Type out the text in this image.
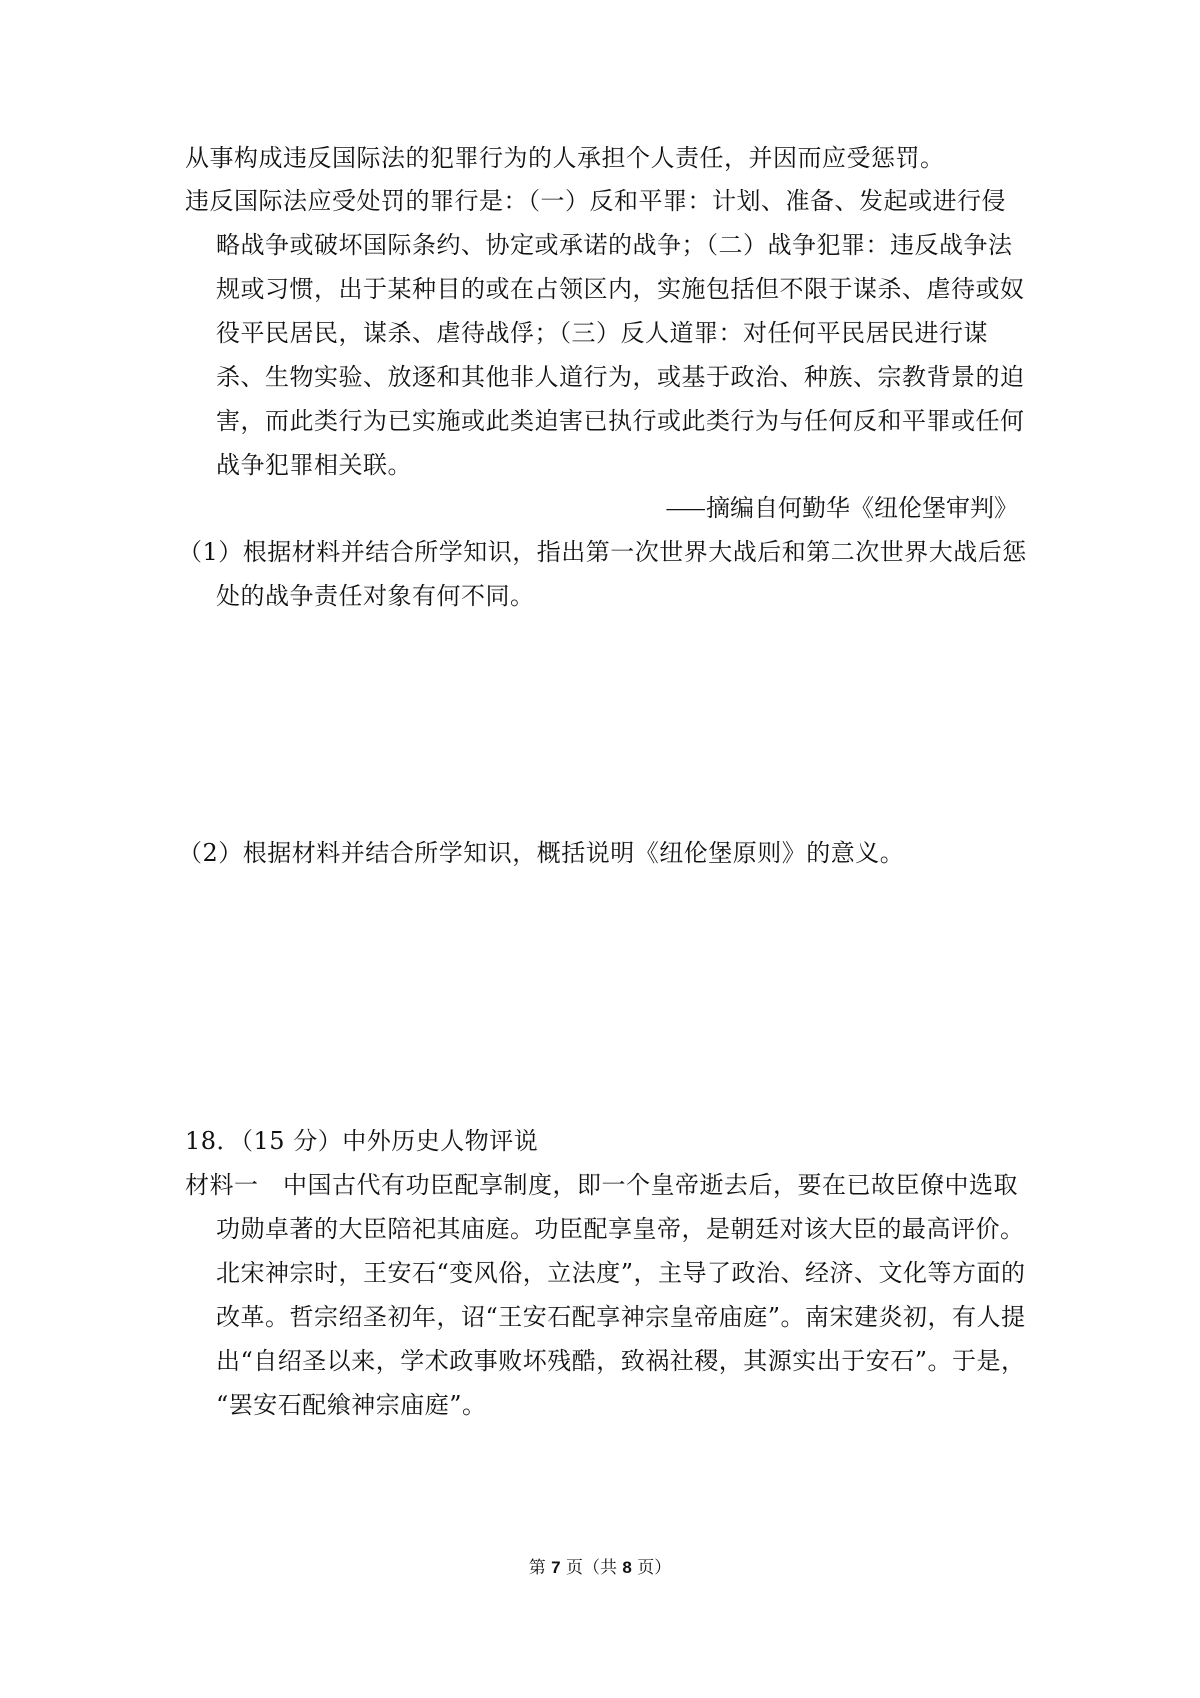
从事构成违反国际法的犯罪行为的人承担个人责任，并因而应受惩罚。
违反国际法应受处罚的罪行是：（一）反和平罪：计划、准备、发起或进行侵
略战争或破坏国际条约、协定或承诺的战争；（二）战争犯罪：违反战争法
规或习惯，出于某种目的或在占领区内，实施包括但不限于谋杀、虐待或奴
役平民居民，谋杀、虐待战俘；（三）反人道罪：对任何平民居民进行谋
杀、生物实验、放逐和其他非人道行为，或基于政治、种族、宗教背景的迫
害，而此类行为已实施或此类迫害已执行或此类行为与任何反和平罪或任何
战争犯罪相关联。
⸺摘编自何勤华《纽伦堡审判》
（1）根据材料并结合所学知识，指出第一次世界大战后和第二次世界大战后惩
处的战争责任对象有何不同。
（2）根据材料并结合所学知识，概括说明《纽伦堡原则》的意义。
18．（15 分）中外历史人物评说
材料一　中国古代有功臣配享制度，即一个皇帝逝去后，要在已故臣僚中选取
功勋卓著的大臣陪祀其庙庭。功臣配享皇帝，是朝廷对该大臣的最高评价。
北宋神宗时，王安石“变风俗，立法度”，主导了政治、经济、文化等方面的
改革。哲宗绍圣初年，诏“王安石配享神宗皇帝庙庭”。南宋建炎初，有人提
出“自绍圣以来，学术政事败坏残酷，致祸社稷，其源实出于安石”。于是，
“罢安石配飨神宗庙庭”。
第 7 页（共 8 页）
